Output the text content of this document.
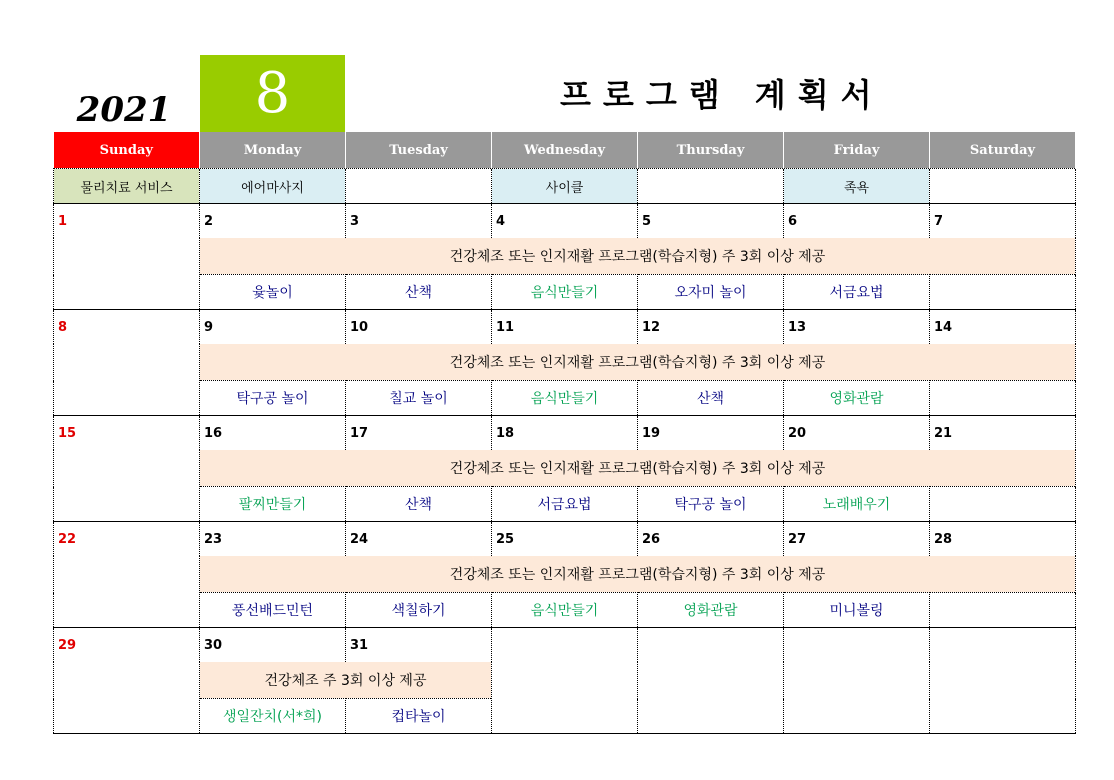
2021	8	프로그램 계획서
Sunday	Monday	Tuesday	Wednesday	Thursday	Friday	Saturday
물리치료 서비스	에어마사지		사이클		족욕	
1	2	3	4	5	6	7
	건강체조 또는 인지재활 프로그램(학습지형) 주 3회 이상 제공					
	윷놀이	산책	음식만들기	오자미 놀이	서금요법	
8	9	10	11	12	13	14
	건강체조 또는 인지재활 프로그램(학습지형) 주 3회 이상 제공					
	탁구공 놀이	칠교 놀이	음식만들기	산책	영화관람	
15	16	17	18	19	20	21
	건강체조 또는 인지재활 프로그램(학습지형) 주 3회 이상 제공					
	팔찌만들기	산책	서금요법	탁구공 놀이	노래배우기	
22	23	24	25	26	27	28
	건강체조 또는 인지재활 프로그램(학습지형) 주 3회 이상 제공					
	풍선배드민턴	색칠하기	음식만들기	영화관람	미니볼링	
29	30	31				
	건강체조 주 3회 이상 제공					
	생일잔치(서*희)	컵타놀이				
